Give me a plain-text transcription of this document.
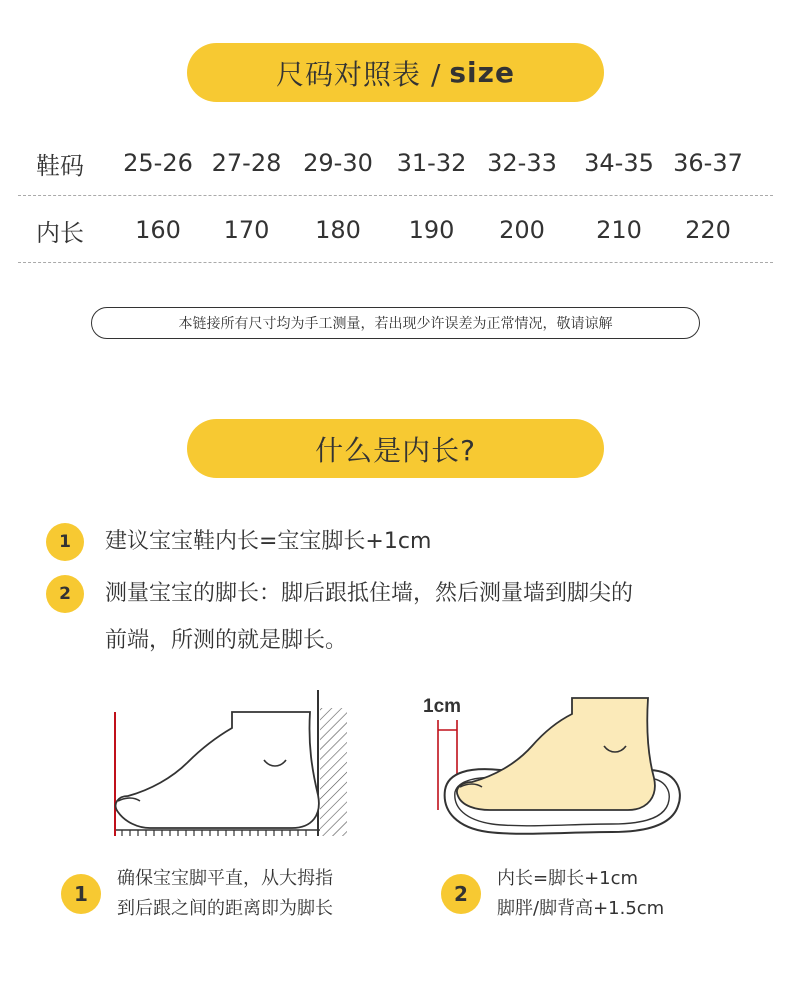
尺码对照表 / size
鞋码	25-26 27-28 29-30 31-32 32-33	34-35 36-37
内长	160	170	180	190	200	210	220
本链接所有尺寸均为手工测量，若出现少许误差为正常情况，敬请谅解
什么是内长?
1	建议宝宝鞋内长=宝宝脚长+1cm
2	测量宝宝的脚长：脚后跟抵住墙，然后测量墙到脚尖的
前端，所测的就是脚长。
1cm
1
确保宝宝脚平直，从大拇指
到后跟之间的距离即为脚长
2
内长=脚长+1cm
脚胖/脚背高+1.5cm
